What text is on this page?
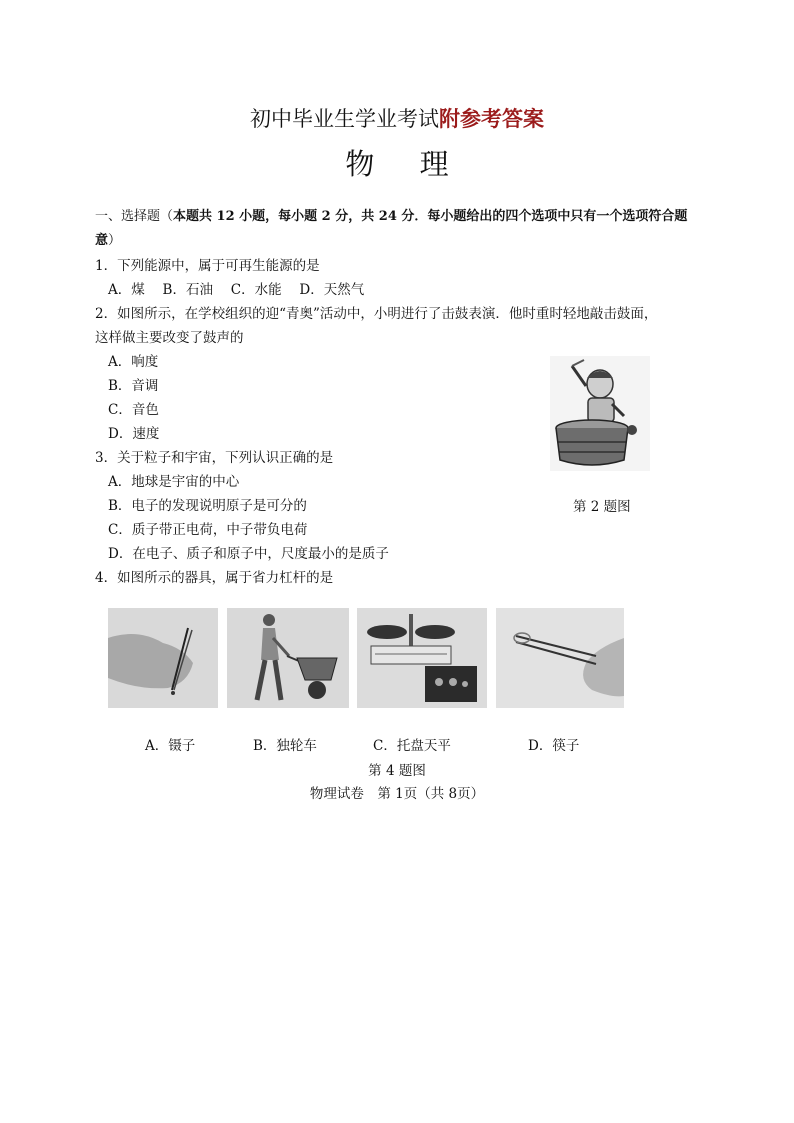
初中毕业生学业考试附参考答案
物 理
一、选择题（本题共 12 小题，每小题 2 分，共 24 分．每小题给出的四个选项中只有一个选项符合题意）
1．下列能源中，属于可再生能源的是
A．煤　 B．石油　 C．水能　 D．天然气
2．如图所示，在学校组织的迎“青奥”活动中，小明进行了击鼓表演．他时重时轻地敲击鼓面，
这样做主要改变了鼓声的
A．响度
B．音调
C．音色
D．速度
第 2 题图
3．关于粒子和宇宙，下列认识正确的是
A．地球是宇宙的中心
B．电子的发现说明原子是可分的
C．质子带正电荷，中子带负电荷
D．在电子、质子和原子中，尺度最小的是质子
4．如图所示的器具，属于省力杠杆的是
A．镊子	B．独轮车	C．托盘天平	D．筷子
第 4 题图
物理试卷　第 1页（共 8页）
